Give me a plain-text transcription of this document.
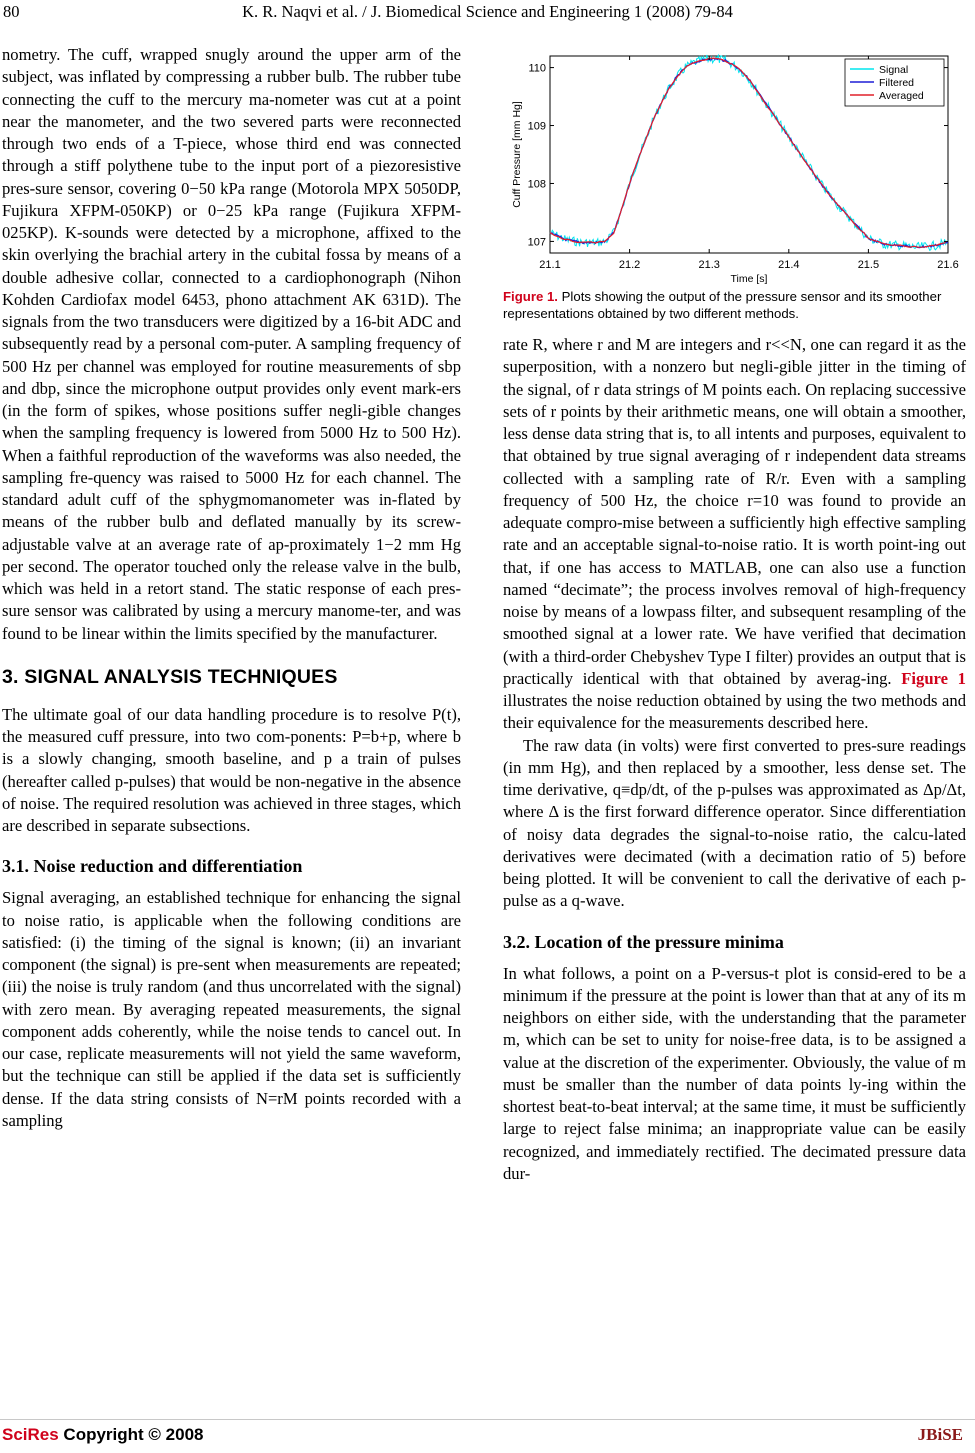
80	K. R. Naqvi et al. / J. Biomedical Science and Engineering 1 (2008) 79-84

nometry. The cuff, wrapped snugly around the upper arm of the subject, was inflated by compressing a rubber bulb. The rubber tube connecting the cuff to the mercury ma-nometer was cut at a point near the manometer, and the two severed parts were reconnected through two ends of a T-piece, whose third end was connected through a stiff polythene tube to the input port of a piezoresistive pres-sure sensor, covering 0−50 kPa range (Motorola MPX 5050DP, Fujikura XFPM-050KP) or 0−25 kPa range (Fujikura XFPM-025KP). K-sounds were detected by a microphone, affixed to the skin overlying the brachial artery in the cubital fossa by means of a double adhesive collar, connected to a cardiophonograph (Nihon Kohden Cardiofax model 6453, phono attachment AK 631D). The signals from the two transducers were digitized by a 16-bit ADC and subsequently read by a personal com-puter. A sampling frequency of 500 Hz per channel was employed for routine measurements of sbp and dbp, since the microphone output provides only event mark-ers (in the form of spikes, whose positions suffer negli-gible changes when the sampling frequency is lowered from 5000 Hz to 500 Hz). When a faithful reproduction of the waveforms was also needed, the sampling fre-quency was raised to 5000 Hz for each channel. The standard adult cuff of the sphygmomanometer was in-flated by means of the rubber bulb and deflated manually by its screw-adjustable valve at an average rate of ap-proximately 1−2 mm Hg per second. The operator touched only the release valve in the bulb, which was held in a retort stand. The static response of each pres-sure sensor was calibrated by using a mercury manome-ter, and was found to be linear within the limits specified by the manufacturer.

3. SIGNAL ANALYSIS TECHNIQUES

The ultimate goal of our data handling procedure is to resolve P(t), the measured cuff pressure, into two com-ponents: P=b+p, where b is a slowly changing, smooth baseline, and p a train of pulses (hereafter called p-pulses) that would be non-negative in the absence of noise. The required resolution was achieved in three stages, which are described in separate subsections.

3.1. Noise reduction and differentiation

Signal averaging, an established technique for enhancing the signal to noise ratio, is applicable when the following conditions are satisfied: (i) the timing of the signal is known; (ii) an invariant component (the signal) is pre-sent when measurements are repeated; (iii) the noise is truly random (and thus uncorrelated with the signal) with zero mean. By averaging repeated measurements, the signal component adds coherently, while the noise tends to cancel out. In our case, replicate measurements will not yield the same waveform, but the technique can still be applied if the data set is sufficiently dense. If the data string consists of N=rM points recorded with a sampling

21.1	21.2	21.3	21.4	21.5	21.6
107
108
109
110
Time [s]
Cuff Pressure [mm Hg]
Signal
Filtered
Averaged
Figure 1. Plots showing the output of the pressure sensor and its smoother representations obtained by two different methods.

rate R, where r and M are integers and r<<N, one can regard it as the superposition, with a nonzero but negli-gible jitter in the timing of the signal, of r data strings of M points each. On replacing successive sets of r points by their arithmetic means, one will obtain a smoother, less dense data string that is, to all intents and purposes, equivalent to that obtained by true signal averaging of r independent data streams collected with a sampling rate of R/r. Even with a sampling frequency of 500 Hz, the choice r=10 was found to provide an adequate compro-mise between a sufficiently high effective sampling rate and an acceptable signal-to-noise ratio. It is worth point-ing out that, if one has access to MATLAB, one can also use a function named “decimate”; the process involves removal of high-frequency noise by means of a lowpass filter, and subsequent resampling of the smoothed signal at a lower rate. We have verified that decimation (with a third-order Chebyshev Type I filter) provides an output that is practically identical with that obtained by averag-ing. Figure 1 illustrates the noise reduction obtained by using the two methods and their equivalence for the measurements described here.

The raw data (in volts) were first converted to pres-sure readings (in mm Hg), and then replaced by a smoother, less dense set. The time derivative, q≡dp/dt, of the p-pulses was approximated as Δp/Δt, where Δ is the first forward difference operator. Since differentiation of noisy data degrades the signal-to-noise ratio, the calcu-lated derivatives were decimated (with a decimation ratio of 5) before being plotted. It will be convenient to call the derivative of each p-pulse as a q-wave.

3.2. Location of the pressure minima

In what follows, a point on a P-versus-t plot is consid-ered to be a minimum if the pressure at the point is lower than that at any of its m neighbors on either side, with the understanding that the parameter m, which can be set to unity for noise-free data, is to be assigned a value at the discretion of the experimenter. Obviously, the value of m must be smaller than the number of data points ly-ing within the shortest beat-to-beat interval; at the same time, it must be sufficiently large to reject false minima; an inappropriate value can be easily recognized, and immediately rectified. The decimated pressure data dur-

SciRes Copyright © 2008	JBiSE
